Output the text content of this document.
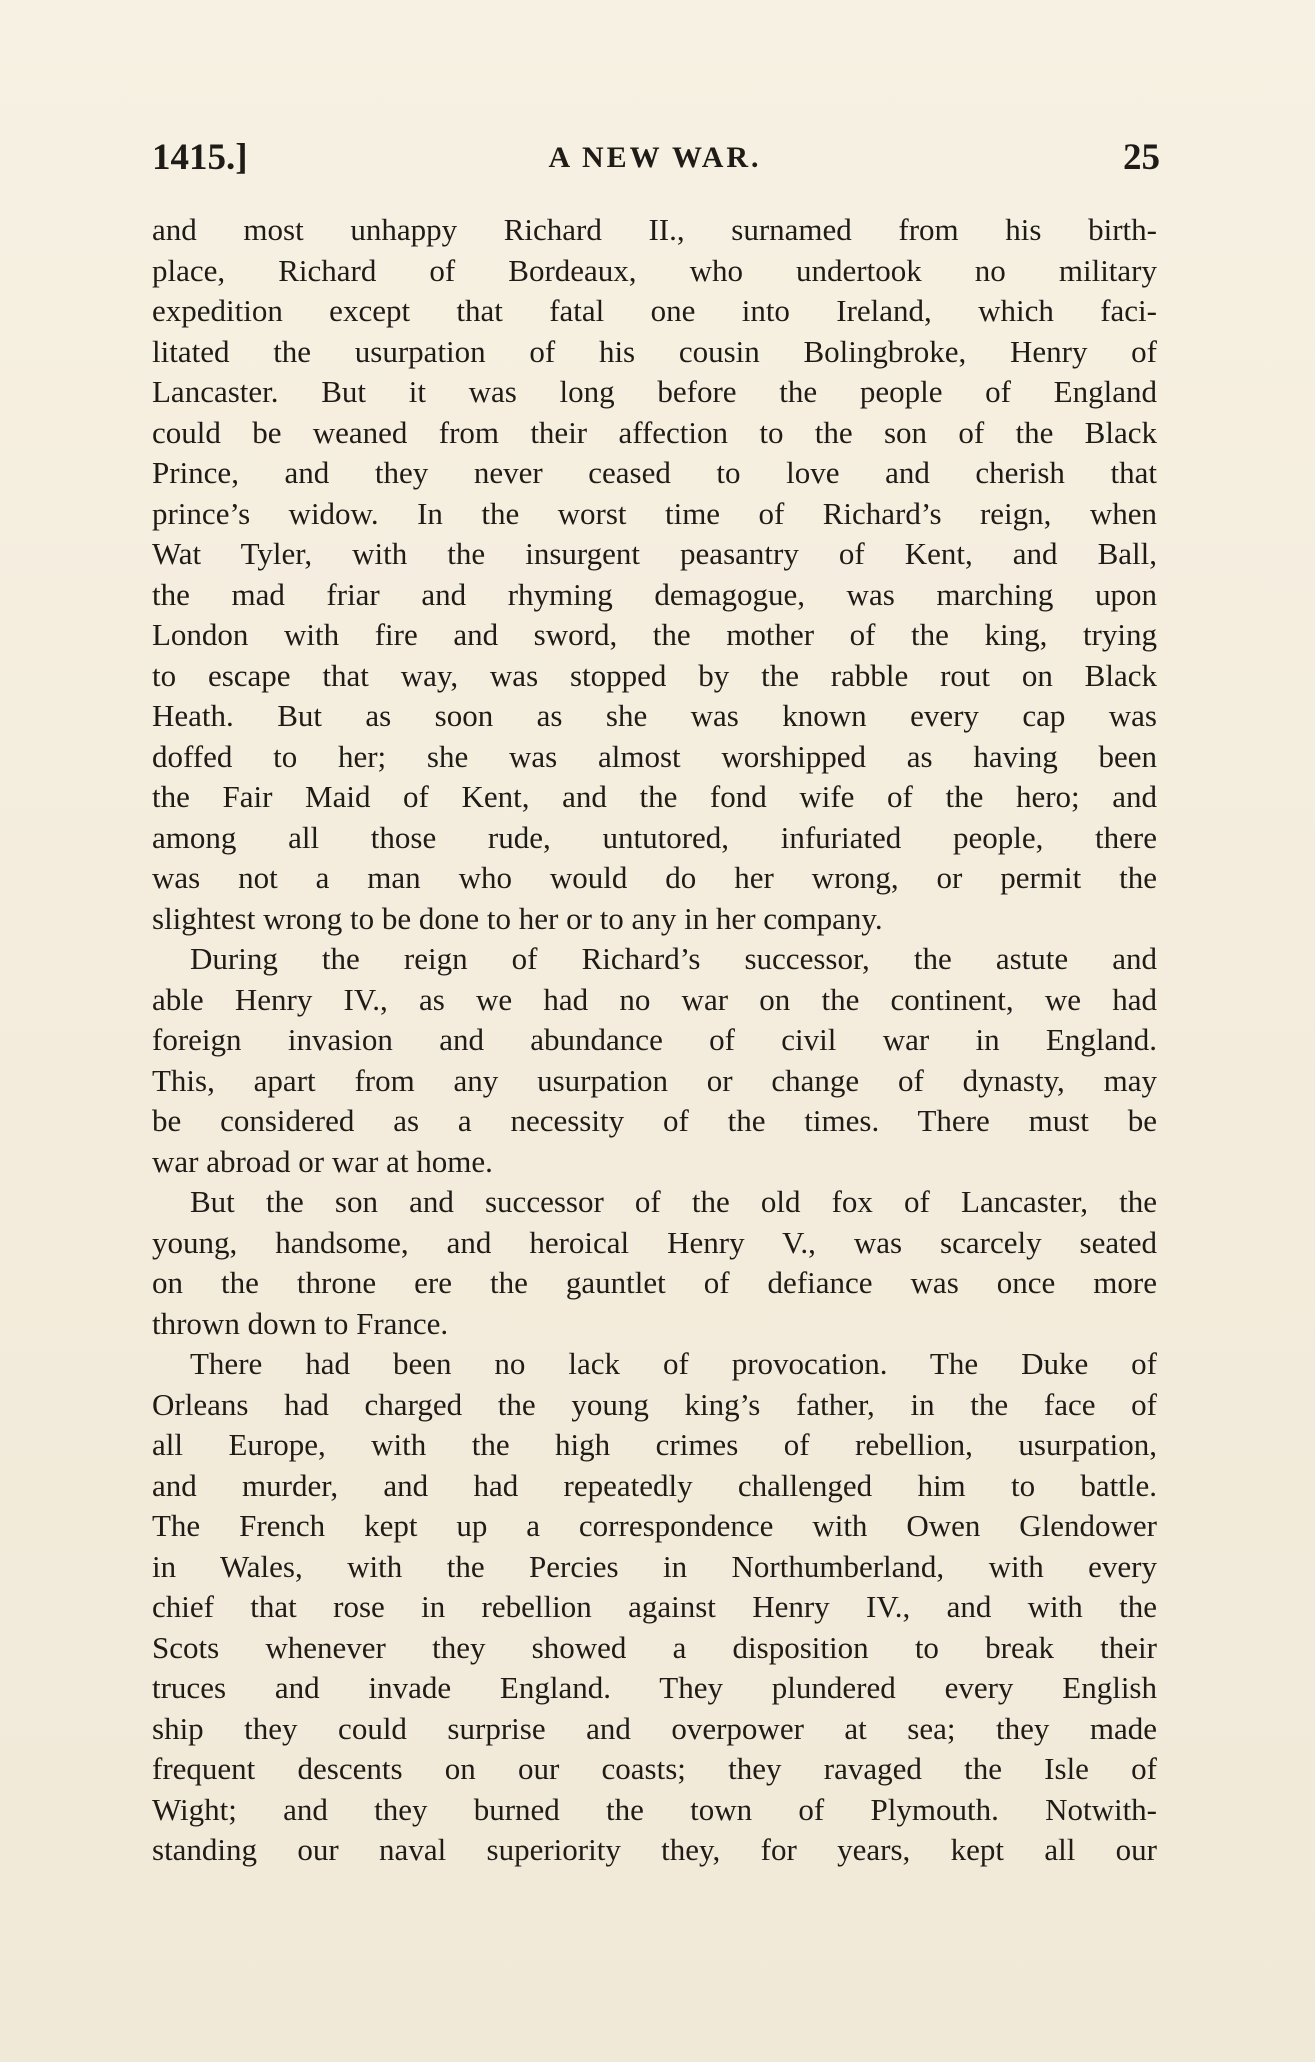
1415.]	A NEW WAR.	25
and most unhappy Richard II., surnamed from his birth-
place, Richard of Bordeaux, who undertook no military
expedition except that fatal one into Ireland, which faci-
litated the usurpation of his cousin Bolingbroke, Henry of
Lancaster. But it was long before the people of England
could be weaned from their affection to the son of the Black
Prince, and they never ceased to love and cherish that
prince’s widow. In the worst time of Richard’s reign, when
Wat Tyler, with the insurgent peasantry of Kent, and Ball,
the mad friar and rhyming demagogue, was marching upon
London with fire and sword, the mother of the king, trying
to escape that way, was stopped by the rabble rout on Black
Heath. But as soon as she was known every cap was
doffed to her; she was almost worshipped as having been
the Fair Maid of Kent, and the fond wife of the hero; and
among all those rude, untutored, infuriated people, there
was not a man who would do her wrong, or permit the
slightest wrong to be done to her or to any in her company.
During the reign of Richard’s successor, the astute and
able Henry IV., as we had no war on the continent, we had
foreign invasion and abundance of civil war in England.
This, apart from any usurpation or change of dynasty, may
be considered as a necessity of the times. There must be
war abroad or war at home.
But the son and successor of the old fox of Lancaster, the
young, handsome, and heroical Henry V., was scarcely seated
on the throne ere the gauntlet of defiance was once more
thrown down to France.
There had been no lack of provocation. The Duke of
Orleans had charged the young king’s father, in the face of
all Europe, with the high crimes of rebellion, usurpation,
and murder, and had repeatedly challenged him to battle.
The French kept up a correspondence with Owen Glendower
in Wales, with the Percies in Northumberland, with every
chief that rose in rebellion against Henry IV., and with the
Scots whenever they showed a disposition to break their
truces and invade England. They plundered every English
ship they could surprise and overpower at sea; they made
frequent descents on our coasts; they ravaged the Isle of
Wight; and they burned the town of Plymouth. Notwith-
standing our naval superiority they, for years, kept all our
